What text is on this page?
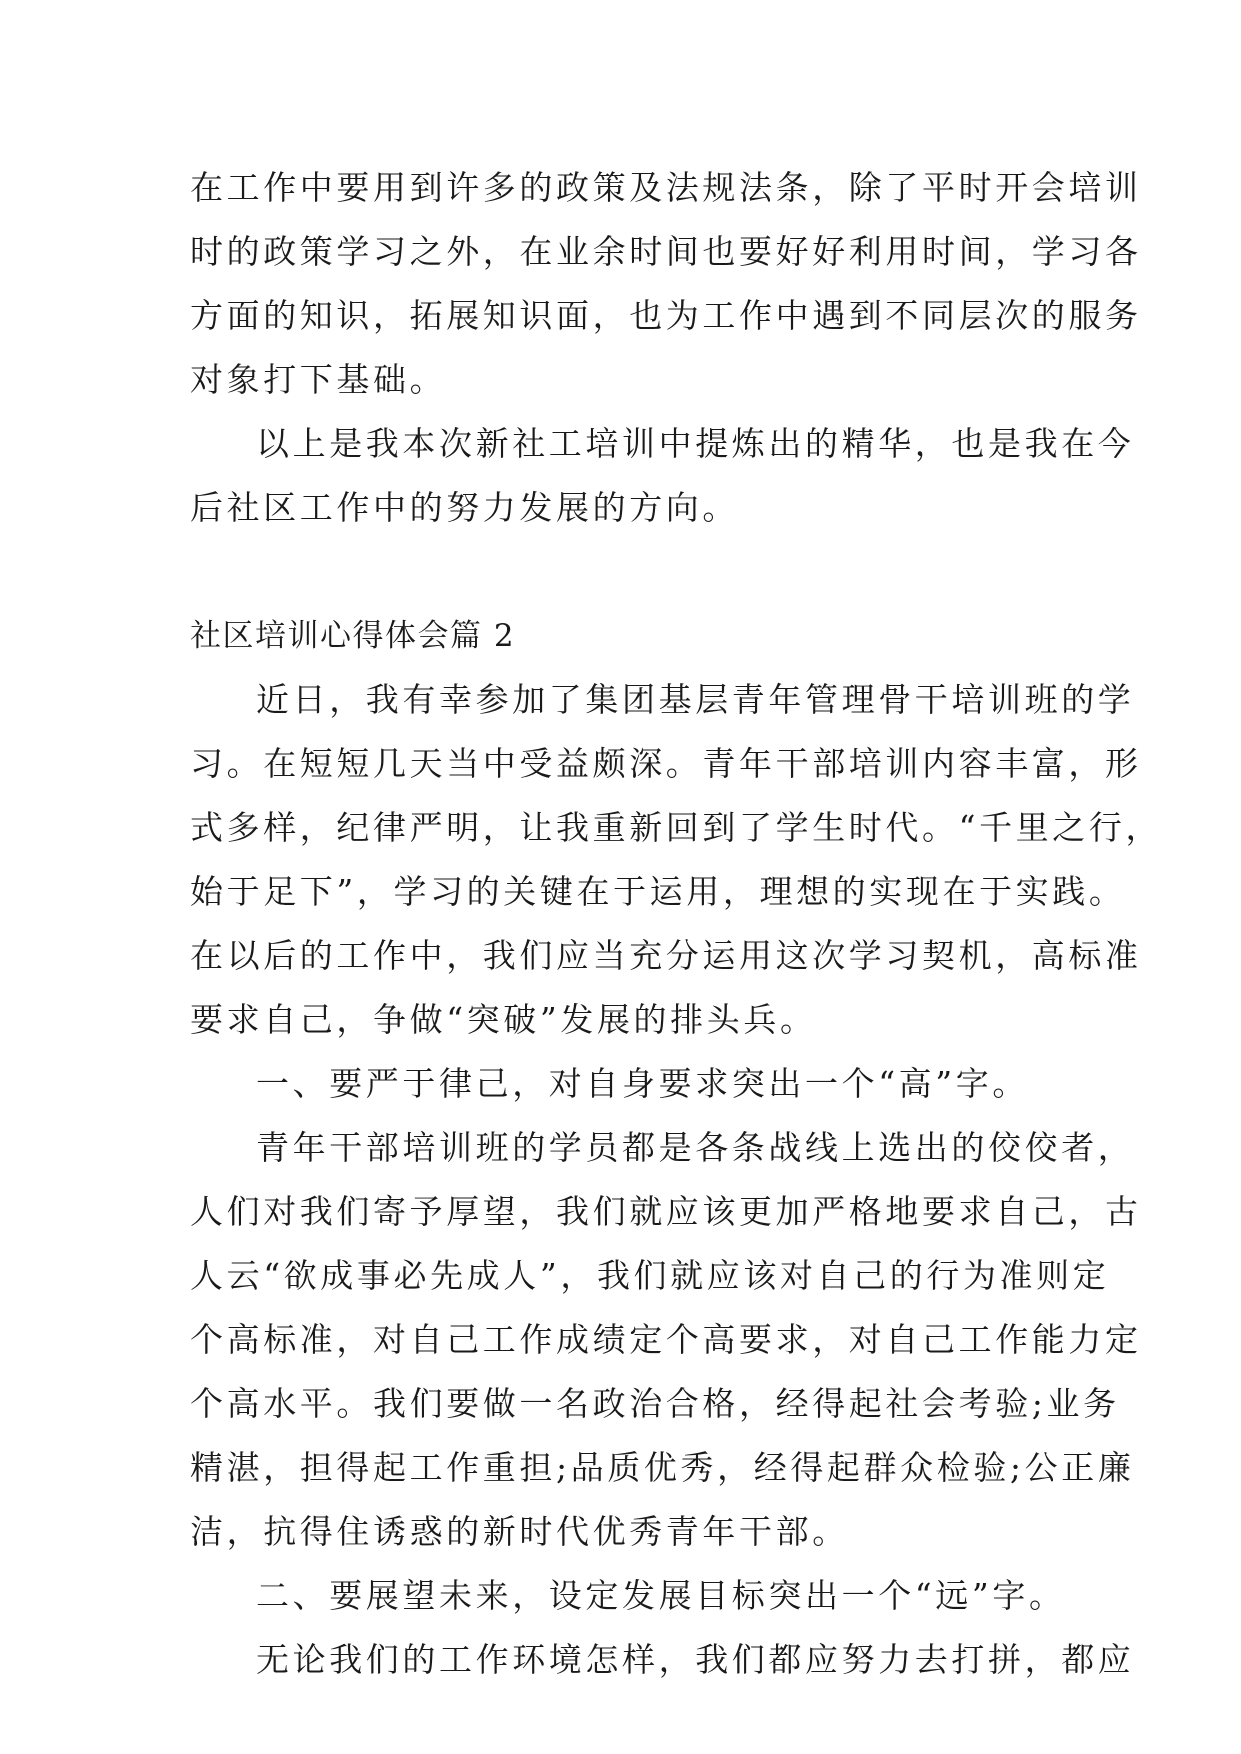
在工作中要用到许多的政策及法规法条，除了平时开会培训
时的政策学习之外，在业余时间也要好好利用时间，学习各
方面的知识，拓展知识面，也为工作中遇到不同层次的服务
对象打下基础。
以上是我本次新社工培训中提炼出的精华，也是我在今
后社区工作中的努力发展的方向。
社区培训心得体会篇 2
近日，我有幸参加了集团基层青年管理骨干培训班的学
习。在短短几天当中受益颇深。青年干部培训内容丰富，形
式多样，纪律严明，让我重新回到了学生时代。“千里之行，
始于足下”，学习的关键在于运用，理想的实现在于实践。
在以后的工作中，我们应当充分运用这次学习契机，高标准
要求自己，争做“突破”发展的排头兵。
一、要严于律己，对自身要求突出一个“高”字。
青年干部培训班的学员都是各条战线上选出的佼佼者，
人们对我们寄予厚望，我们就应该更加严格地要求自己，古
人云“欲成事必先成人”，我们就应该对自己的行为准则定
个高标准，对自己工作成绩定个高要求，对自己工作能力定
个高水平。我们要做一名政治合格，经得起社会考验;业务
精湛，担得起工作重担;品质优秀，经得起群众检验;公正廉
洁，抗得住诱惑的新时代优秀青年干部。
二、要展望未来，设定发展目标突出一个“远”字。
无论我们的工作环境怎样，我们都应努力去打拼，都应
